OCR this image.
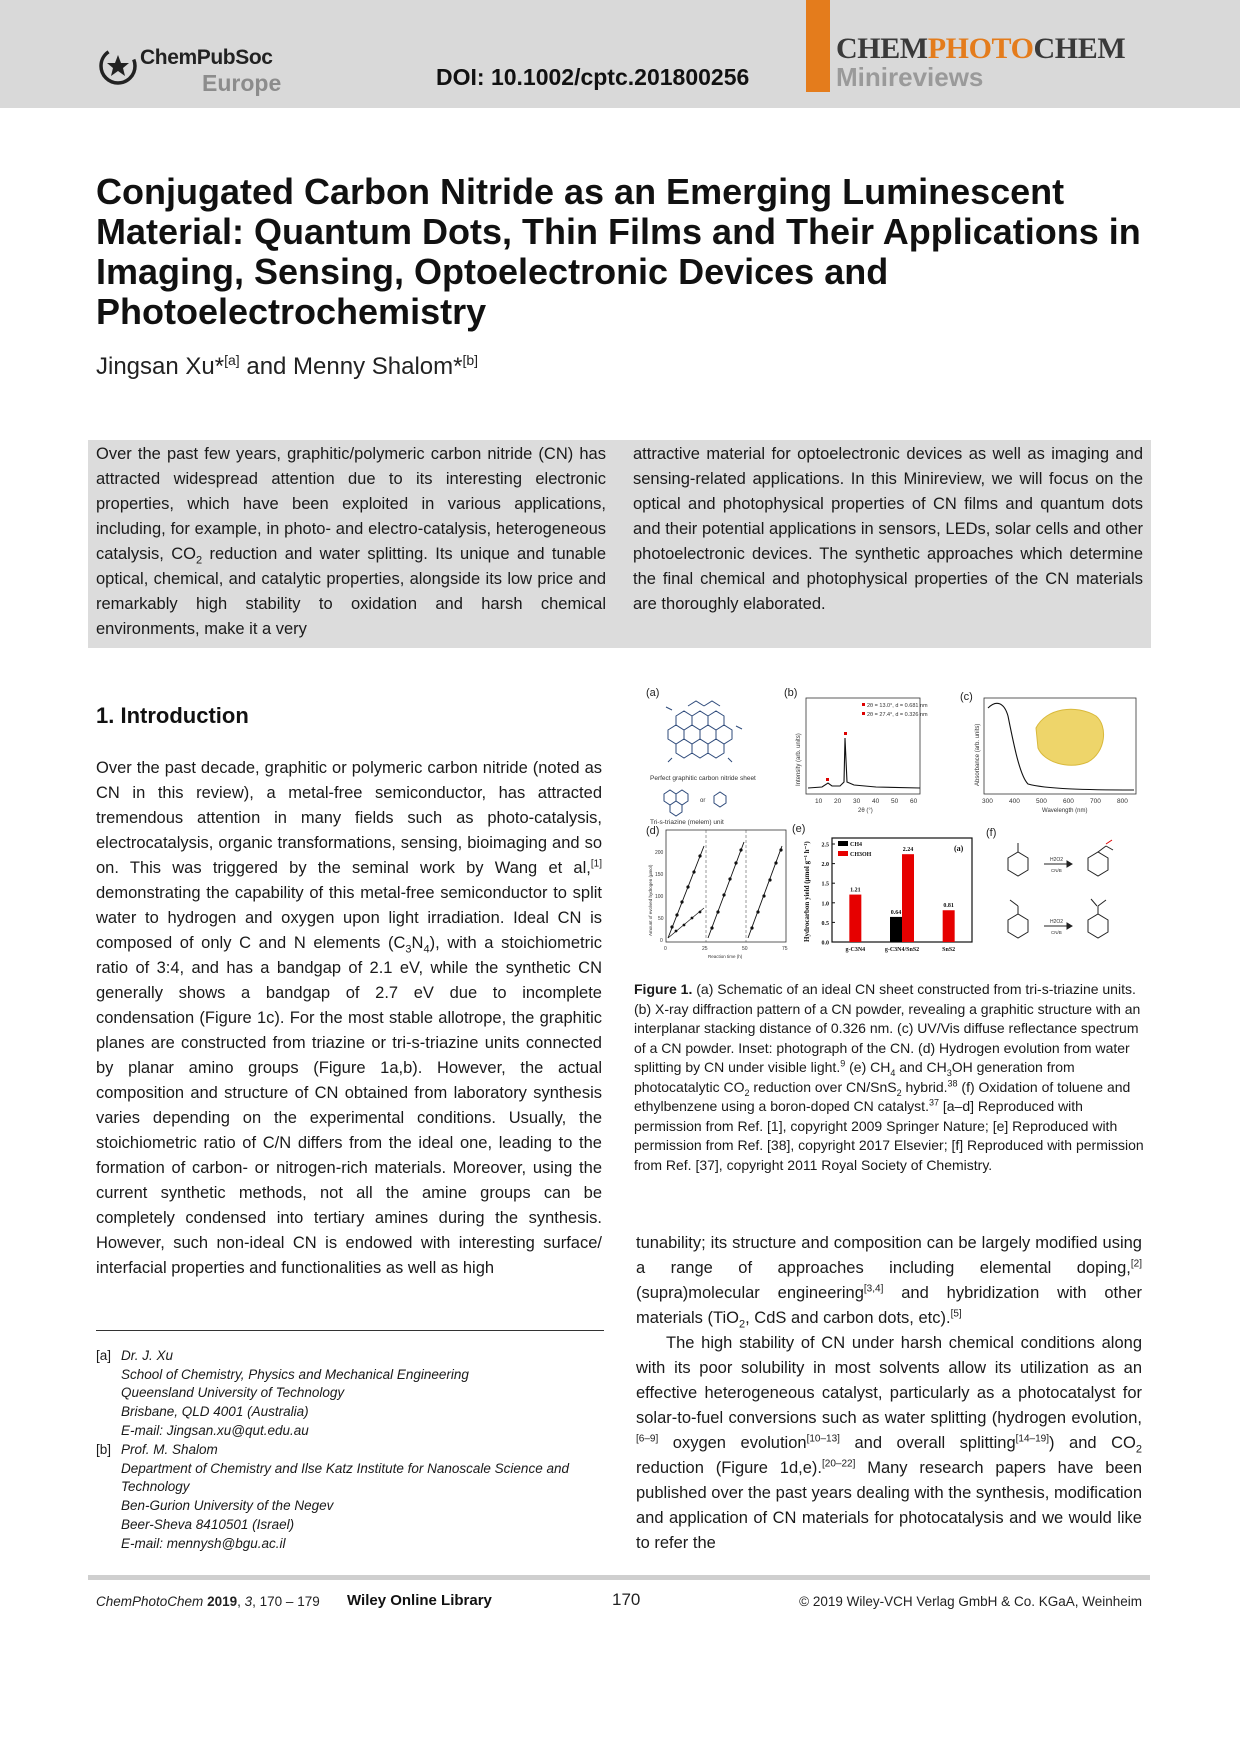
ChemPubSoc
Europe	DOI: 10.1002/cptc.201800256
CHEMPHOTOCHEM
Minireviews
Conjugated Carbon Nitride as an Emerging Luminescent Material: Quantum Dots, Thin Films and Their Applications in Imaging, Sensing, Optoelectronic Devices and Photoelectrochemistry
Jingsan Xu*[a] and Menny Shalom*[b]

Over the past few years, graphitic/polymeric carbon nitride (CN) has attracted widespread attention due to its interesting electronic properties, which have been exploited in various applications, including, for example, in photo- and electro-catalysis, heterogeneous catalysis, $CO_2$ reduction and water splitting. Its unique and tunable optical, chemical, and catalytic properties, alongside its low price and remarkably high stability to oxidation and harsh chemical environments, make it a very

attractive material for optoelectronic devices as well as imaging and sensing-related applications. In this Minireview, we will focus on the optical and photophysical properties of CN films and quantum dots and their potential applications in sensors, LEDs, solar cells and other photoelectronic devices. The synthetic approaches which determine the final chemical and photophysical properties of the CN materials are thoroughly elaborated.

1. Introduction

Over the past decade, graphitic or polymeric carbon nitride (noted as CN in this review), a metal-free semiconductor, has attracted tremendous attention in many fields such as photo-catalysis, electrocatalysis, organic transformations, sensing, bioimaging and so on. This was triggered by the seminal work by Wang et al,[1] demonstrating the capability of this metal-free semiconductor to split water to hydrogen and oxygen upon light irradiation. Ideal CN is composed of only C and N elements $(C_3N_4)$, with a stoichiometric ratio of 3:4, and has a bandgap of 2.1 eV, while the synthetic CN generally shows a bandgap of 2.7 eV due to incomplete condensation (Figure 1c). For the most stable allotrope, the graphitic planes are constructed from triazine or tri-s-triazine units connected by planar amino groups (Figure 1a,b). However, the actual composition and structure of CN obtained from laboratory synthesis varies depending on the experimental conditions. Usually, the stoichiometric ratio of C/N differs from the ideal one, leading to the formation of carbon- or nitrogen-rich materials. Moreover, using the current synthetic methods, not all the amine groups can be completely condensed into tertiary amines during the synthesis. However, such non-ideal CN is endowed with interesting surface/ interfacial properties and functionalities as well as high

[a] Dr. J. Xu
School of Chemistry, Physics and Mechanical Engineering
Queensland University of Technology
Brisbane, QLD 4001 (Australia)
E-mail: Jingsan.xu@qut.edu.au
[b] Prof. M. Shalom
Department of Chemistry and Ilse Katz Institute for Nanoscale Science and Technology
Ben-Gurion University of the Negev
Beer-Sheva 8410501 (Israel)
E-mail: mennysh@bgu.ac.il
(a)	(b)	(c)
(d)	(e)	(f)
Perfect graphitic carbon nitride sheet
or
Tri-s-triazine (melem) unit
2θ = 13.0°, d = 0.681 nm
2θ = 27.4°, d = 0.326 nm
Intensity (arb. units)
10 20 30 40 50 60
2θ (°)
Absorbance (arb. units)
300 400 500 600 700 800
Wavelength (nm)
Amount of evolved hydrogen (µmol)
0
50
100
150
200
0	25	50	75
Reaction time (h)
Hydrocarbon yield (µmol g⁻¹ h⁻¹)	(a)
CH4
CH3OH
0.0
0.5
1.0
1.5
2.0
2.5
1.21
0.64
2.24
0.81
g-C3N4	g-C3N4/SnS2	SnS2
H2O2
CN/B
H2O2
CN/B

Figure 1. (a) Schematic of an ideal CN sheet constructed from tri-s-triazine units. (b) X-ray diffraction pattern of a CN powder, revealing a graphitic structure with an interplanar stacking distance of 0.326 nm. (c) UV/Vis diffuse reflectance spectrum of a CN powder. Inset: photograph of the CN. (d) Hydrogen evolution from water splitting by CN under visible light.$^9$ (e) $CH_4$ and $CH_3OH$ generation from photocatalytic $CO_2$ reduction over CN/SnS$_2$ hybrid.$^{38}$ (f) Oxidation of toluene and ethylbenzene using a boron-doped CN catalyst.$^{37}$ [a–d] Reproduced with permission from Ref. [1], copyright 2009 Springer Nature; [e] Reproduced with permission from Ref. [38], copyright 2017 Elsevier; [f] Reproduced with permission from Ref. [37], copyright 2011 Royal Society of Chemistry.

tunability; its structure and composition can be largely modified using a range of approaches including elemental doping,[2] (supra)molecular engineering[3,4] and hybridization with other materials (TiO$_2$, CdS and carbon dots, etc).[5]
The high stability of CN under harsh chemical conditions along with its poor solubility in most solvents allow its utilization as an effective heterogeneous catalyst, particularly as a photocatalyst for solar-to-fuel conversions such as water splitting (hydrogen evolution,[6–9] oxygen evolution[10–13] and overall splitting[14–19]) and $CO_2$ reduction (Figure 1d,e).[20–22] Many research papers have been published over the past years dealing with the synthesis, modification and application of CN materials for photocatalysis and we would like to refer the

ChemPhotoChem 2019, 3, 170 – 179 Wiley Online Library	170	© 2019 Wiley-VCH Verlag GmbH & Co. KGaA, Weinheim
